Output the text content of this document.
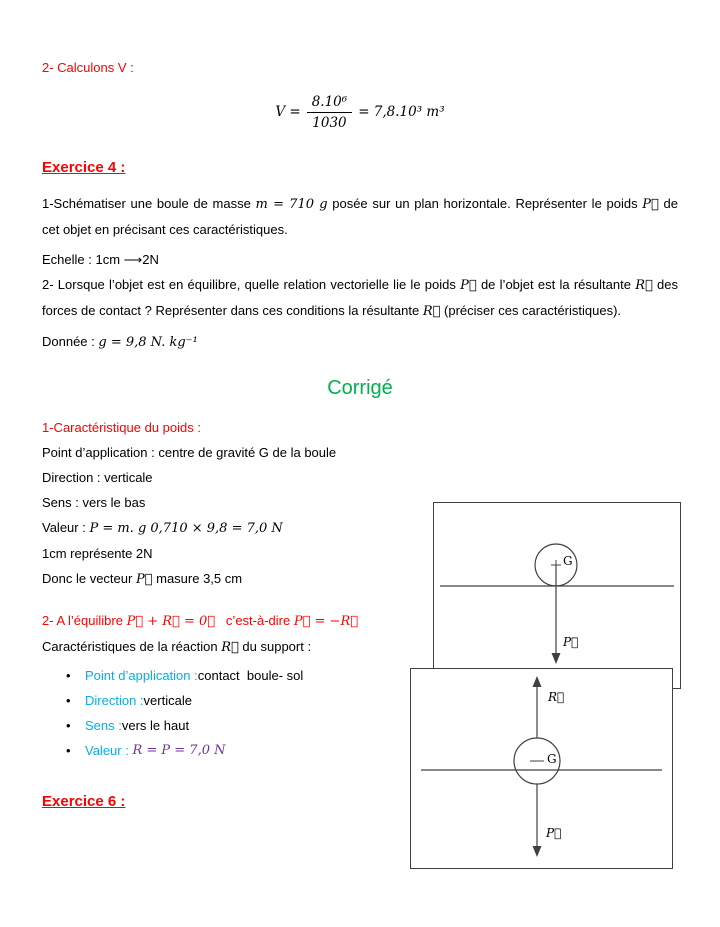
2- Calculons V :

$V = \frac{\text{8.10⁶}}{1030} = 7,8.10^3$ m³
Exercice 4 :

1-Schématiser une boule de masse m = 710 g posée sur un plan horizontale. Représenter le poids P⃗ de cet objet en précisant ces caractéristiques.

Echelle : 1cm ⟶2N

2- Lorsque l’objet est en équilibre, quelle relation vectorielle lie le poids P⃗ de l’objet est la résultante R⃗ des forces de contact ? Représenter dans ces conditions la résultante R⃗ (préciser ces caractéristiques).

Donnée : g = 9,8 N. kg⁻¹

Corrigé

1-Caractéristique du poids :

Point d’application : centre de gravité G de la boule

Direction : verticale

Sens : vers le bas

Valeur : P = m. g 0,710 × 9,8 = 7,0 N

1cm représente 2N

Donc le vecteur P⃗ masure 3,5 cm

2- A l’équilibre P⃗ + R⃗ = 0⃗   c’est-à-dire P⃗ = −R⃗

Caractéristiques de la réaction R⃗ du support :

• Point d’application : contact  boule- sol
• Direction : verticale
• Sens : vers le haut
• Valeur : R = P = 7,0 N
Exercice 6 :
G
P⃗
R⃗
G
P⃗
